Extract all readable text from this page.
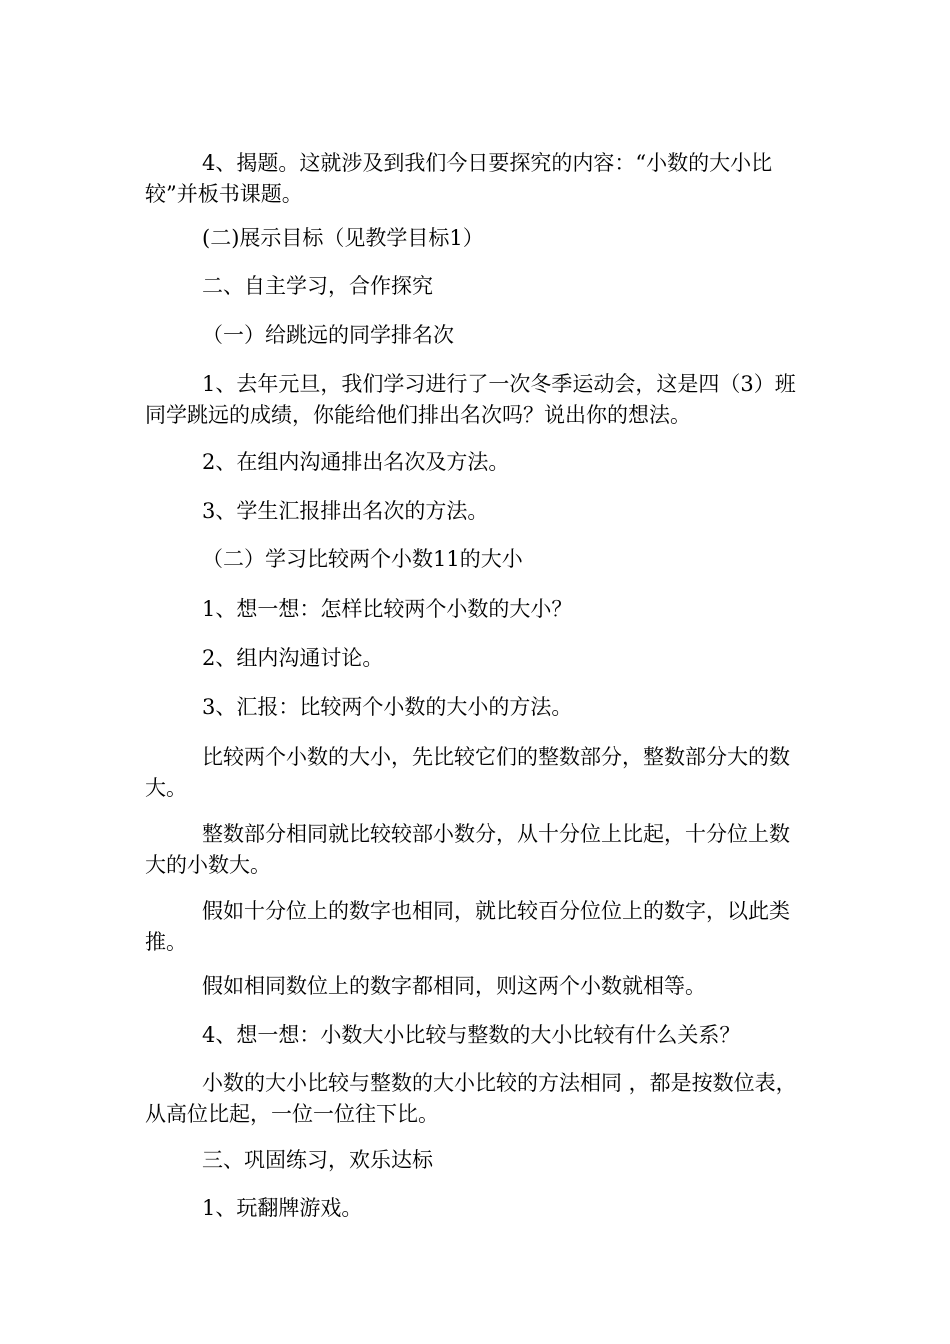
4、揭题。这就涉及到我们今日要探究的内容：“小数的大小比较”并板书课题。

(二)展示目标（见教学目标1）

二、自主学习，合作探究

（一）给跳远的同学排名次

1、去年元旦，我们学习进行了一次冬季运动会，这是四（3）班同学跳远的成绩，你能给他们排出名次吗？说出你的想法。

2、在组内沟通排出名次及方法。

3、学生汇报排出名次的方法。

（二）学习比较两个小数11的大小

1、想一想：怎样比较两个小数的大小？

2、组内沟通讨论。

3、汇报：比较两个小数的大小的方法。

比较两个小数的大小，先比较它们的整数部分，整数部分大的数大。

整数部分相同就比较较部小数分，从十分位上比起，十分位上数大的小数大。

假如十分位上的数字也相同，就比较百分位位上的数字，以此类推。

假如相同数位上的数字都相同，则这两个小数就相等。

4、想一想：小数大小比较与整数的大小比较有什么关系？

小数的大小比较与整数的大小比较的方法相同 ，都是按数位表，从高位比起，一位一位往下比。

三、巩固练习，欢乐达标

1、玩翻牌游戏。
